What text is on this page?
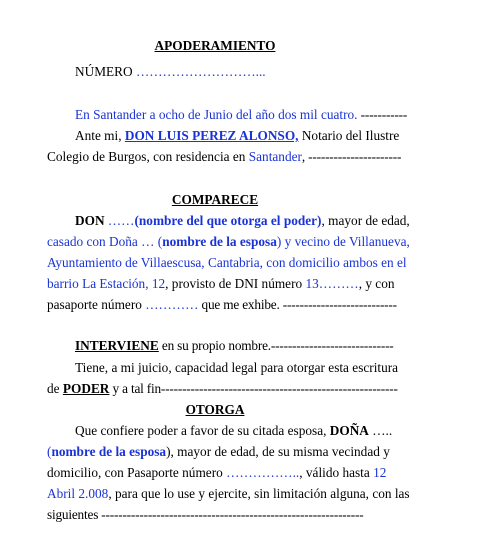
APODERAMIENTO
NÚMERO ………………………...
En Santander a ocho de Junio del año dos mil cuatro. -----------
Ante mi, DON LUIS PEREZ ALONSO, Notario del Ilustre
Colegio de Burgos, con residencia en Santander, ----------------------
COMPARECE
DON ……(nombre del que otorga el poder), mayor de edad,
casado con Doña … (nombre de la esposa) y vecino de Villanueva,
Ayuntamiento de Villaescusa, Cantabria, con domicilio ambos en el
barrio La Estación, 12, provisto de DNI número 13………, y con
pasaporte número ………… que me exhibe. ---------------------------
INTERVIENE en su propio nombre.-----------------------------
Tiene, a mi juicio, capacidad legal para otorgar esta escritura
de PODER y a tal fin--------------------------------------------------------
OTORGA
Que confiere poder a favor de su citada esposa, DOÑA …..
(nombre de la esposa), mayor de edad, de su misma vecindad y
domicilio, con Pasaporte número …………….., válido hasta 12
Abril 2.008, para que lo use y ejercite, sin limitación alguna, con las
siguientes --------------------------------------------------------------
